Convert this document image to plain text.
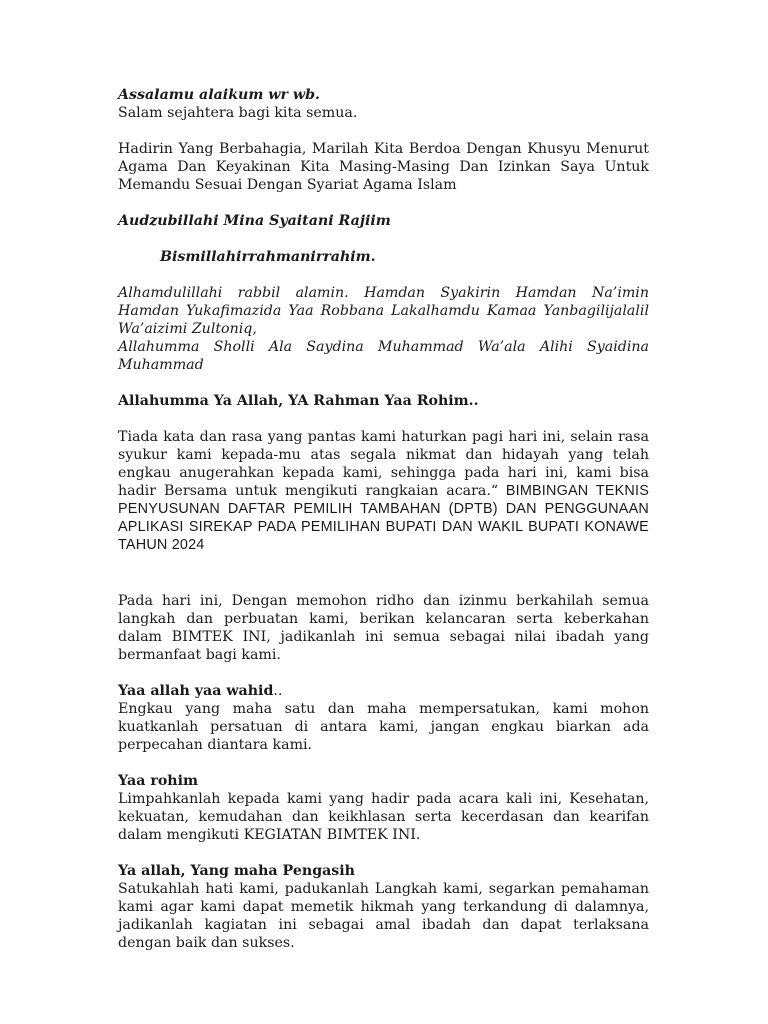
Assalamu alaikum wr wb.

Salam sejahtera bagi kita semua.

Hadirin Yang Berbahagia, Marilah Kita Berdoa Dengan Khusyu Menurut Agama Dan Keyakinan Kita Masing-Masing Dan Izinkan Saya Untuk Memandu Sesuai Dengan Syariat Agama Islam

Audzubillahi Mina Syaitani Rajiim

Bismillahirrahmanirrahim.

Alhamdulillahi rabbil alamin. Hamdan Syakirin Hamdan Na’imin Hamdan Yukafimazida Yaa Robbana Lakalhamdu Kamaa Yanbagilijalalil Wa’aizimi Zultoniq,

Allahumma Sholli Ala Saydina Muhammad Wa’ala Alihi Syaidina Muhammad

Allahumma Ya Allah, YA Rahman Yaa Rohim..

Tiada kata dan rasa yang pantas kami haturkan pagi hari ini, selain rasa syukur kami kepada-mu atas segala nikmat dan hidayah yang telah engkau anugerahkan kepada kami, sehingga pada hari ini, kami bisa hadir Bersama untuk mengikuti rangkaian acara.“ BIMBINGAN TEKNIS PENYUSUNAN DAFTAR PEMILIH TAMBAHAN (DPTB) DAN PENGGUNAAN APLIKASI SIREKAP PADA PEMILIHAN BUPATI DAN WAKIL BUPATI KONAWE TAHUN 2024

Pada hari ini, Dengan memohon ridho dan izinmu berkahilah semua langkah dan perbuatan kami, berikan kelancaran serta keberkahan dalam BIMTEK INI, jadikanlah ini semua sebagai nilai ibadah yang bermanfaat bagi kami.

Yaa allah yaa wahid..

Engkau yang maha satu dan maha mempersatukan, kami mohon kuatkanlah persatuan di antara kami, jangan engkau biarkan ada perpecahan diantara kami.

Yaa rohim

Limpahkanlah kepada kami yang hadir pada acara kali ini, Kesehatan, kekuatan, kemudahan dan keikhlasan serta kecerdasan dan kearifan dalam mengikuti KEGIATAN BIMTEK INI.

Ya allah, Yang maha Pengasih

Satukahlah hati kami, padukanlah Langkah kami, segarkan pemahaman kami agar kami dapat memetik hikmah yang terkandung di dalamnya, jadikanlah kagiatan ini sebagai amal ibadah dan dapat terlaksana dengan baik dan sukses.
